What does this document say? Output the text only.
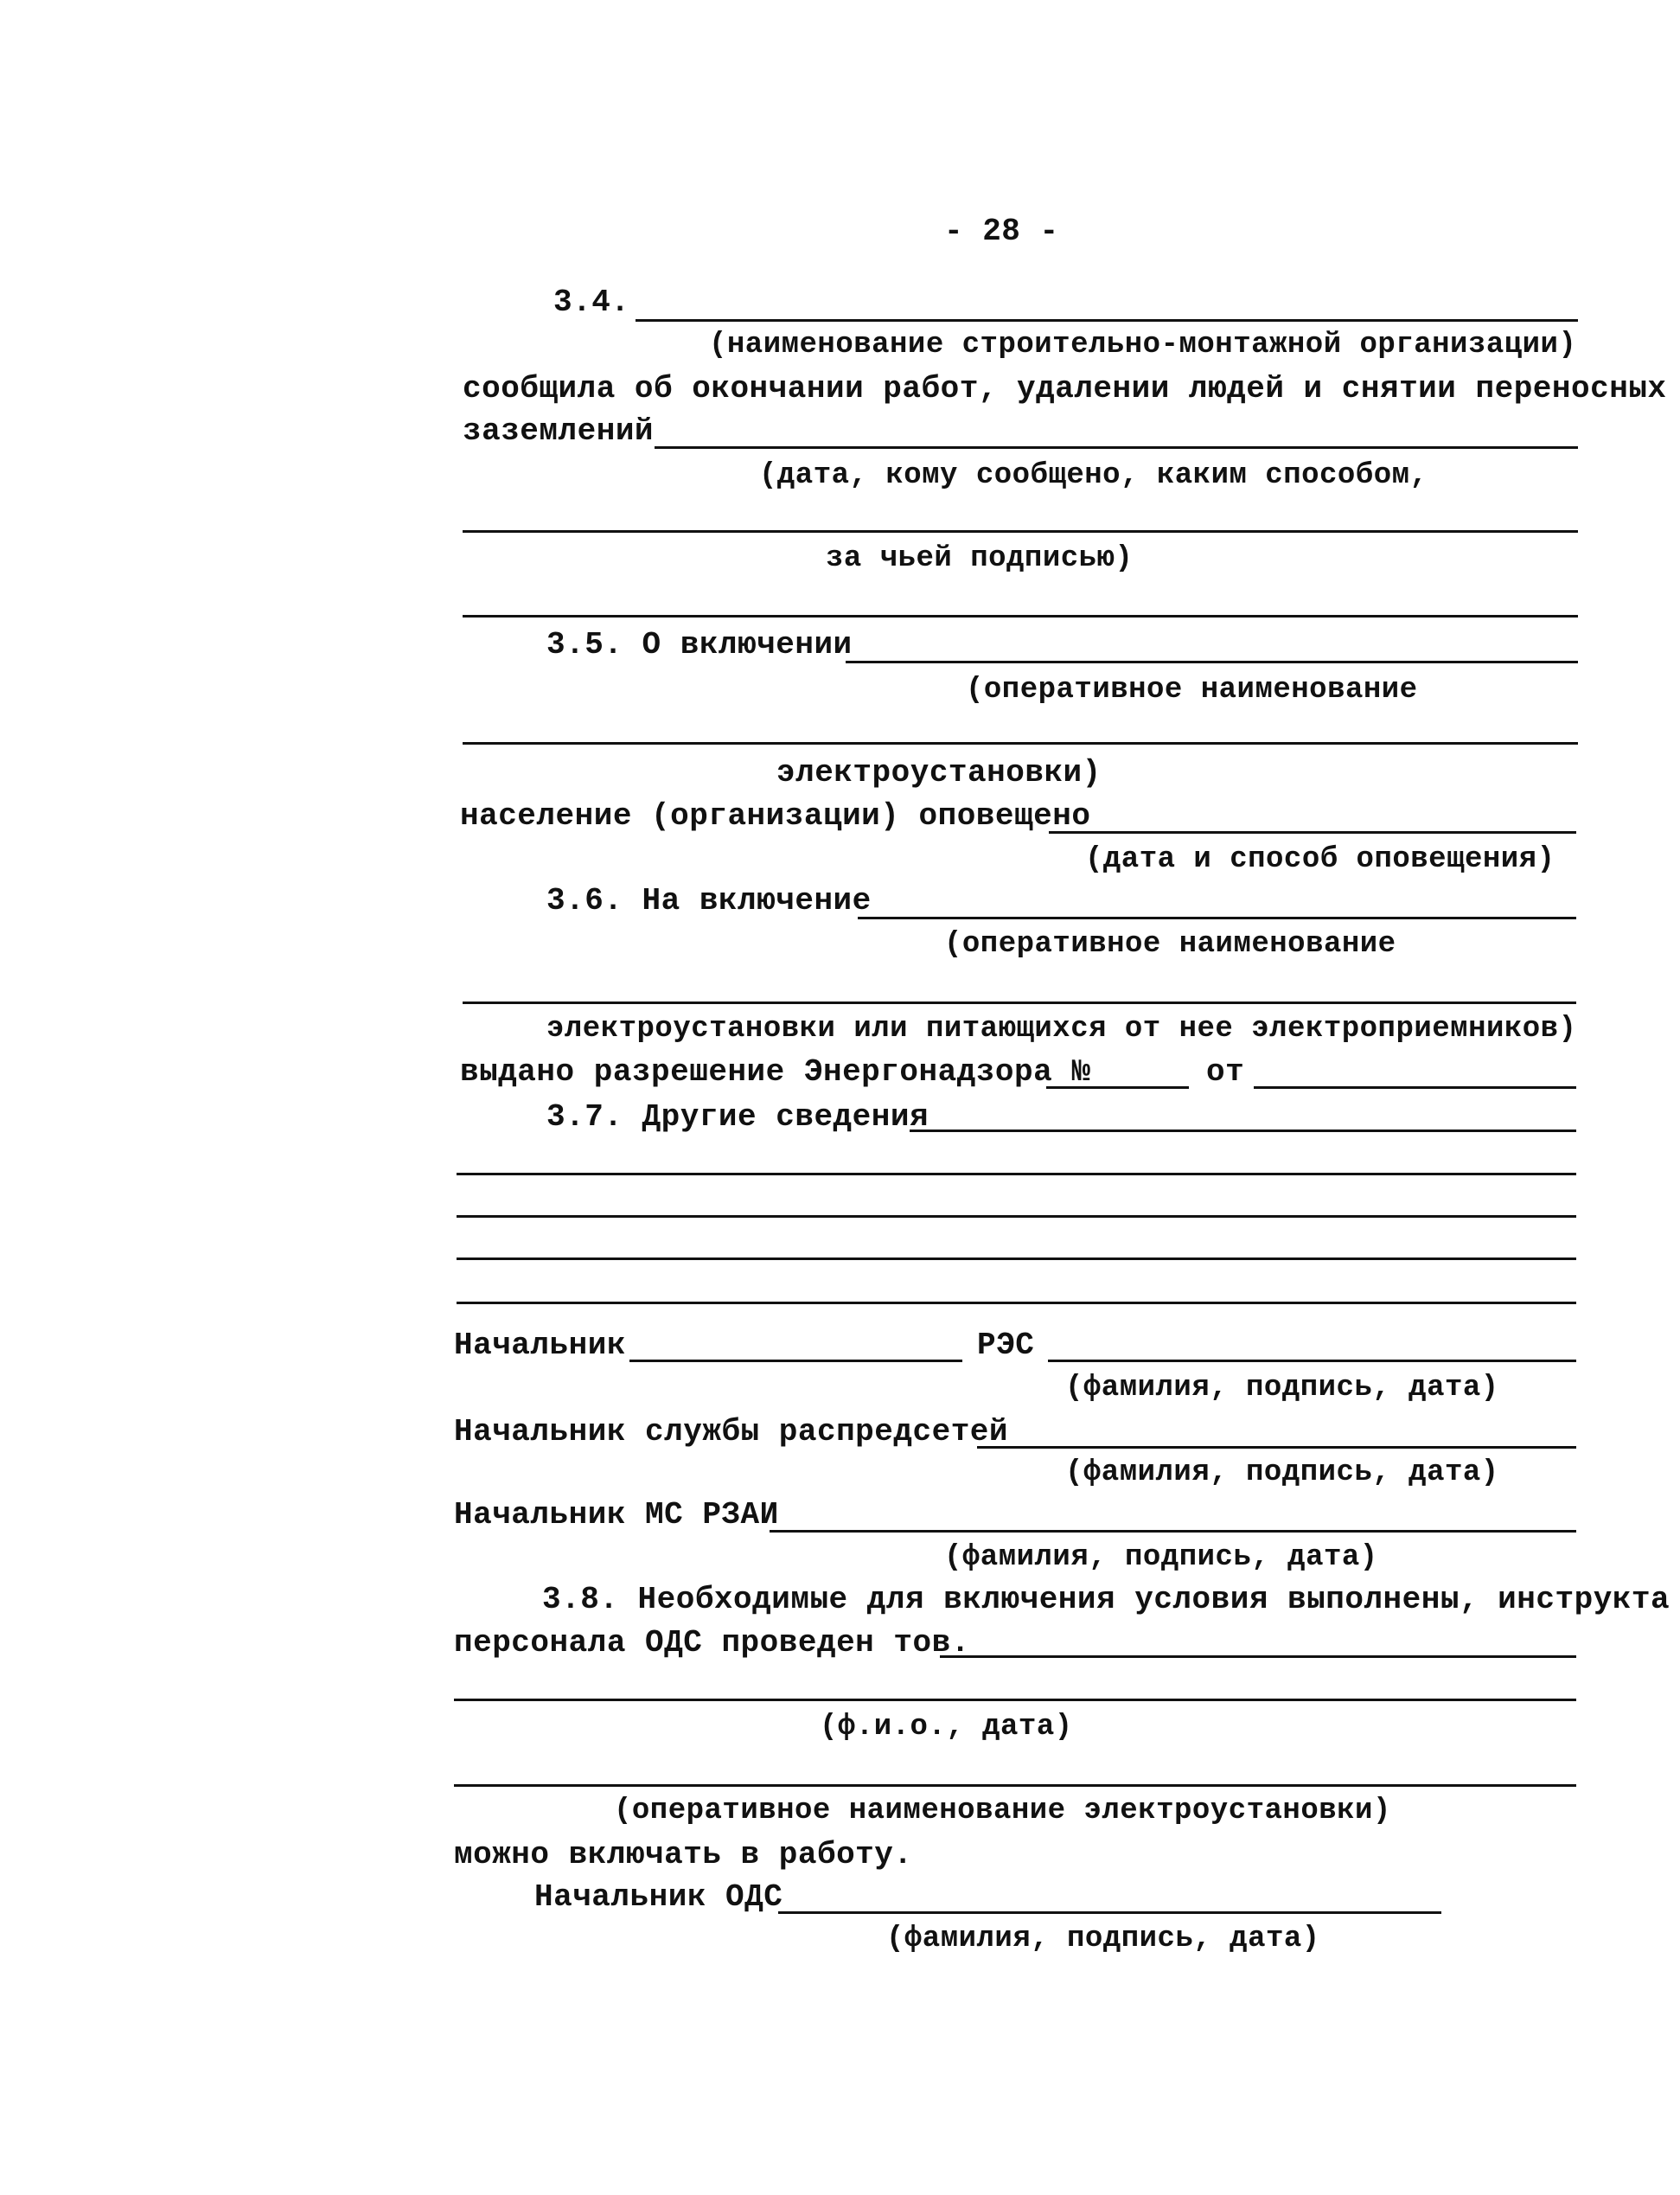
- 28 -
3.4.
(наименование строительно-монтажной организации)
сообщила об окончании работ, удалении людей и снятии переносных
заземлений
(дата, кому сообщено, каким способом,
за чьей подписью)
3.5. О включении
(оперативное наименование
электроустановки)
население (организации) оповещено
(дата и способ оповещения)
3.6. На включение
(оперативное наименование
электроустановки или питающихся от нее электроприемников)
выдано разрешение Энергонадзора №	от
3.7. Другие сведения
Начальник	РЭС
(фамилия, подпись, дата)
Начальник службы распредсетей
(фамилия, подпись, дата)
Начальник МС РЗАИ
(фамилия, подпись, дата)
3.8. Необходимые для включения условия выполнены, инструкта
персонала ОДС проведен тов.
(ф.и.о., дата)
(оперативное наименование электроустановки)
можно включать в работу.
Начальник ОДС
(фамилия, подпись, дата)
